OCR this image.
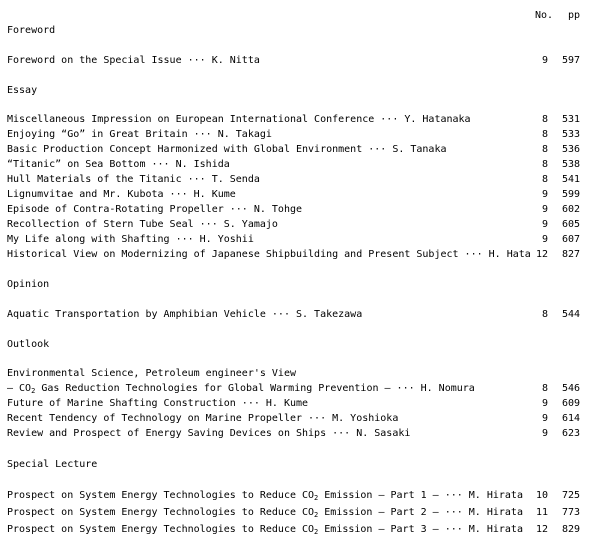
No. pp
Foreword
Foreword on the Special Issue ··· K. Nitta	9 597
Essay
Miscellaneous Impression on European International Conference ··· Y. Hatanaka	8 531
Enjoying “Go” in Great Britain ··· N. Takagi	8 533
Basic Production Concept Harmonized with Global Environment ··· S. Tanaka	8 536
“Titanic” on Sea Bottom ··· N. Ishida	8 538
Hull Materials of the Titanic ··· T. Senda	8 541
Lignumvitae and Mr. Kubota ··· H. Kume	9 599
Episode of Contra-Rotating Propeller ··· N. Tohge	9 602
Recollection of Stern Tube Seal ··· S. Yamajo	9 605
My Life along with Shafting ··· H. Yoshii	9 607
Historical View on Modernizing of Japanese Shipbuilding and Present Subject ··· H. Hata 12 827
Opinion
Aquatic Transportation by Amphibian Vehicle ··· S. Takezawa	8 544
Outlook
Environmental Science, Petroleum engineer's View
— $CO_2$ Gas Reduction Technologies for Global Warming Prevention — ··· H. Nomura	8 546
Future of Marine Shafting Construction ··· H. Kume	9 609
Recent Tendency of Technology on Marine Propeller ··· M. Yoshioka	9 614
Review and Prospect of Energy Saving Devices on Ships ··· N. Sasaki	9 623
Special Lecture
Prospect on System Energy Technologies to Reduce $CO_2$ Emission — Part 1 — ··· M. Hirata 10 725
Prospect on System Energy Technologies to Reduce $CO_2$ Emission — Part 2 — ··· M. Hirata 11 773
Prospect on System Energy Technologies to Reduce $CO_2$ Emission — Part 3 — ··· M. Hirata 12 829
